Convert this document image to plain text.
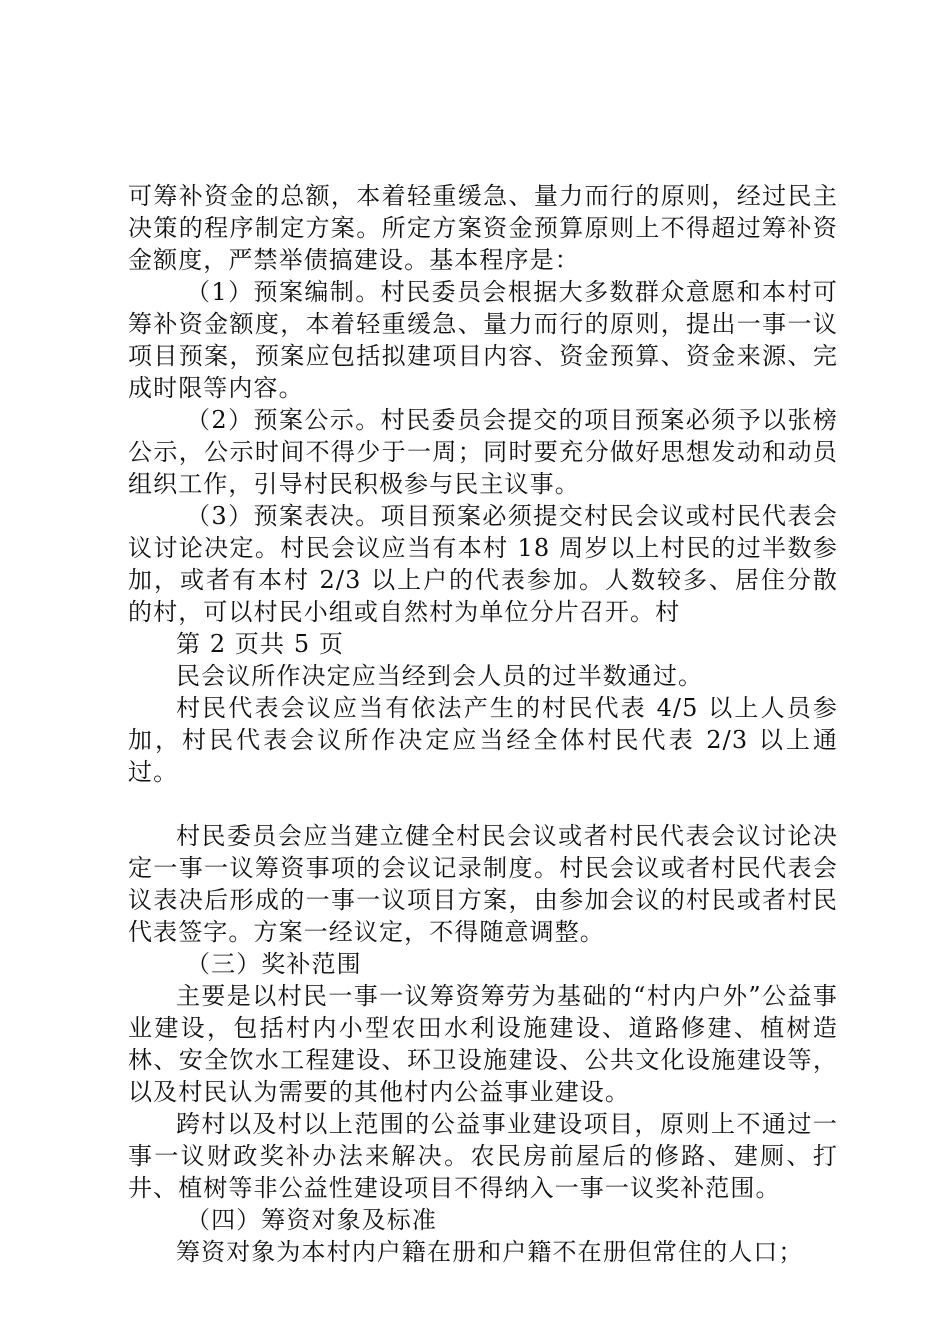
可筹补资金的总额，本着轻重缓急、量力而行的原则，经过民主决策的程序制定方案。所定方案资金预算原则上不得超过筹补资金额度，严禁举债搞建设。基本程序是：

（1）预案编制。村民委员会根据大多数群众意愿和本村可筹补资金额度，本着轻重缓急、量力而行的原则，提出一事一议项目预案，预案应包括拟建项目内容、资金预算、资金来源、完成时限等内容。

（2）预案公示。村民委员会提交的项目预案必须予以张榜公示，公示时间不得少于一周；同时要充分做好思想发动和动员组织工作，引导村民积极参与民主议事。

（3）预案表决。项目预案必须提交村民会议或村民代表会议讨论决定。村民会议应当有本村 18 周岁以上村民的过半数参加，或者有本村 2/3 以上户的代表参加。人数较多、居住分散的村，可以村民小组或自然村为单位分片召开。村

第 2 页共 5 页

民会议所作决定应当经到会人员的过半数通过。

村民代表会议应当有依法产生的村民代表 4/5 以上人员参加，村民代表会议所作决定应当经全体村民代表 2/3 以上通过。

村民委员会应当建立健全村民会议或者村民代表会议讨论决定一事一议筹资事项的会议记录制度。村民会议或者村民代表会议表决后形成的一事一议项目方案，由参加会议的村民或者村民代表签字。方案一经议定，不得随意调整。

（三）奖补范围

主要是以村民一事一议筹资筹劳为基础的“村内户外”公益事业建设，包括村内小型农田水利设施建设、道路修建、植树造林、安全饮水工程建设、环卫设施建设、公共文化设施建设等，以及村民认为需要的其他村内公益事业建设。

跨村以及村以上范围的公益事业建设项目，原则上不通过一事一议财政奖补办法来解决。农民房前屋后的修路、建厕、打井、植树等非公益性建设项目不得纳入一事一议奖补范围。

（四）筹资对象及标准

筹资对象为本村内户籍在册和户籍不在册但常住的人口；
